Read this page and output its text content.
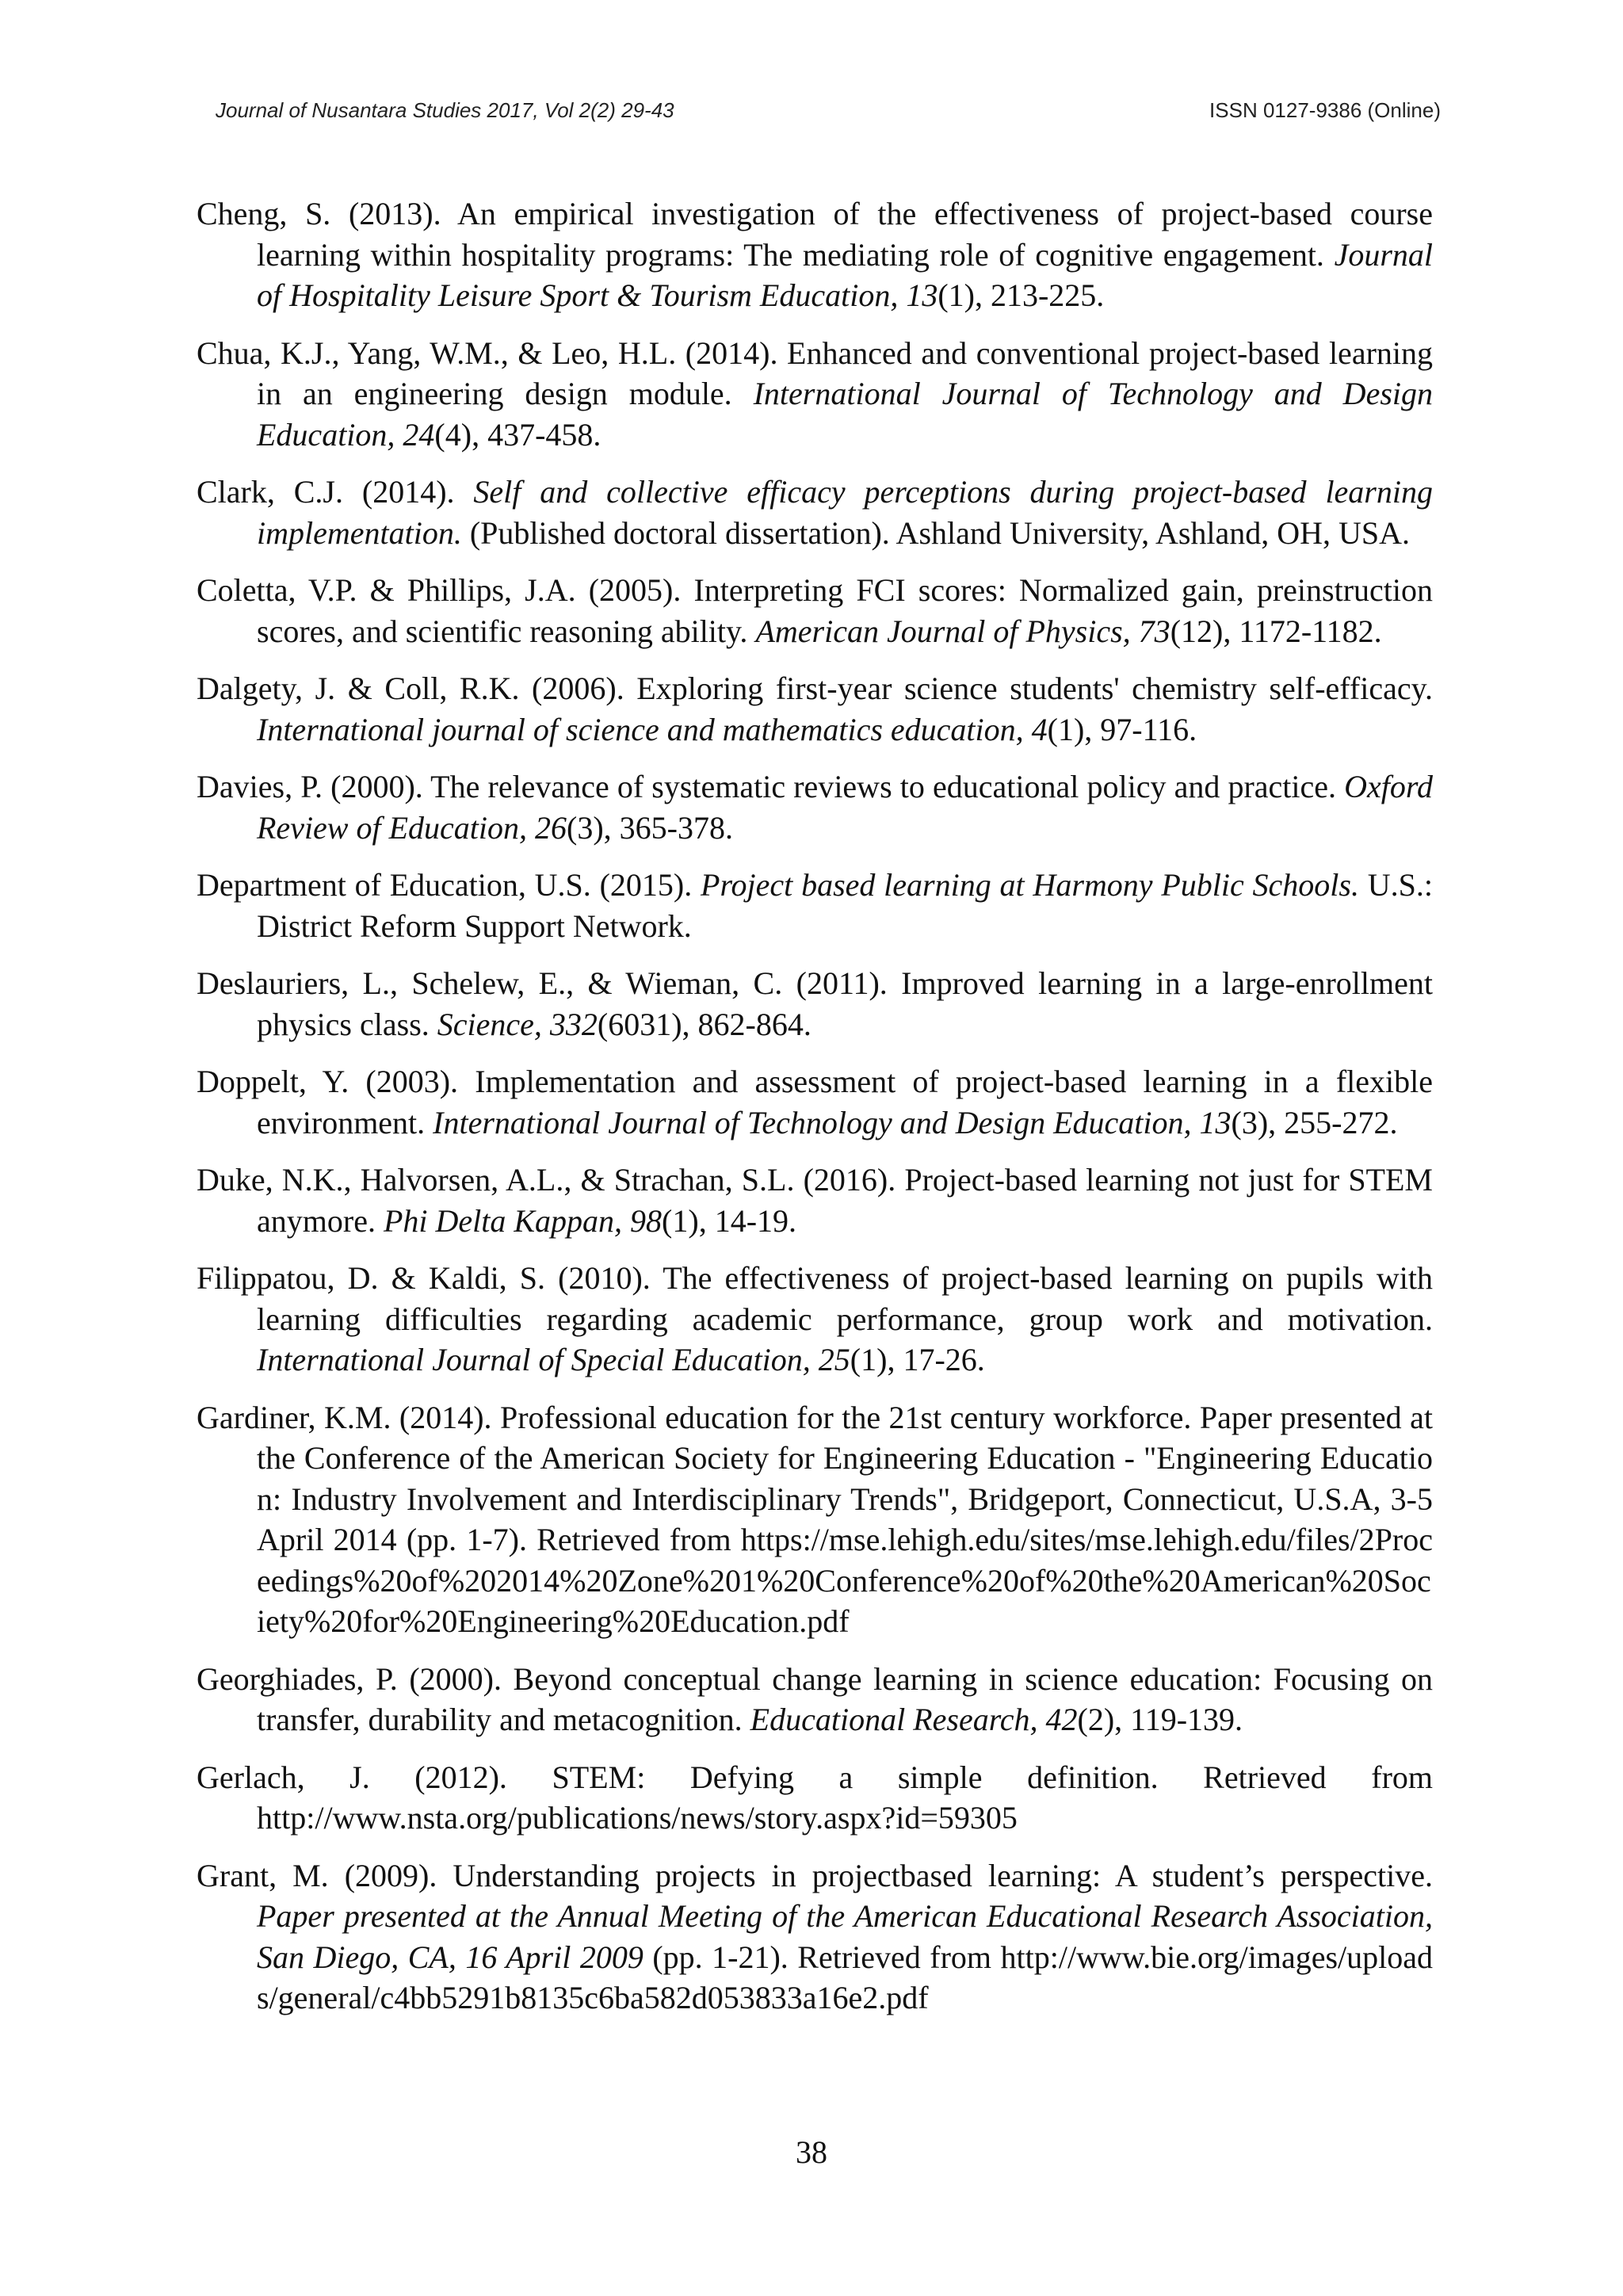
Journal of Nusantara Studies 2017, Vol 2(2) 29-43	ISSN 0127-9386 (Online)

Cheng, S. (2013). An empirical investigation of the effectiveness of project-based course learning within hospitality programs: The mediating role of cognitive engagement. Journal of Hospitality Leisure Sport & Tourism Education, 13(1), 213-225.

Chua, K.J., Yang, W.M., & Leo, H.L. (2014). Enhanced and conventional project-based learning in an engineering design module. International Journal of Technology and Design Education, 24(4), 437-458.

Clark, C.J. (2014). Self and collective efficacy perceptions during project-based learning implementation. (Published doctoral dissertation). Ashland University, Ashland, OH, USA.

Coletta, V.P. & Phillips, J.A. (2005). Interpreting FCI scores: Normalized gain, preinstruction scores, and scientific reasoning ability. American Journal of Physics, 73(12), 1172-1182.

Dalgety, J. & Coll, R.K. (2006). Exploring first-year science students' chemistry self-efficacy. International journal of science and mathematics education, 4(1), 97-116.

Davies, P. (2000). The relevance of systematic reviews to educational policy and practice. Oxford Review of Education, 26(3), 365-378.

Department of Education, U.S. (2015). Project based learning at Harmony Public Schools. U.S.: District Reform Support Network.

Deslauriers, L., Schelew, E., & Wieman, C. (2011). Improved learning in a large-enrollment physics class. Science, 332(6031), 862-864.

Doppelt, Y. (2003). Implementation and assessment of project-based learning in a flexible environment. International Journal of Technology and Design Education, 13(3), 255-272.

Duke, N.K., Halvorsen, A.L., & Strachan, S.L. (2016). Project-based learning not just for STEM anymore. Phi Delta Kappan, 98(1), 14-19.

Filippatou, D. & Kaldi, S. (2010). The effectiveness of project-based learning on pupils with learning difficulties regarding academic performance, group work and motivation. International Journal of Special Education, 25(1), 17-26.

Gardiner, K.M. (2014). Professional education for the 21st century workforce. Paper presented at the Conference of the American Society for Engineering Education - "Engineering Education: Industry Involvement and Interdisciplinary Trends", Bridgeport, Connecticut, U.S.A, 3-5 April 2014 (pp. 1-7). Retrieved from https://mse.lehigh.edu/sites/mse.lehigh.edu/files/2Proceedings%20of%202014%20Zone%201%20Conference%20of%20the%20American%20Society%20for%20Engineering%20Education.pdf

Georghiades, P. (2000). Beyond conceptual change learning in science education: Focusing on transfer, durability and metacognition. Educational Research, 42(2), 119-139.

Gerlach, J. (2012). STEM: Defying a simple definition. Retrieved from http://www.nsta.org/publications/news/story.aspx?id=59305

Grant, M. (2009). Understanding projects in projectbased learning: A student’s perspective. Paper presented at the Annual Meeting of the American Educational Research Association, San Diego, CA, 16 April 2009 (pp. 1-21). Retrieved from http://www.bie.org/images/uploads/general/c4bb5291b8135c6ba582d053833a16e2.pdf

38
